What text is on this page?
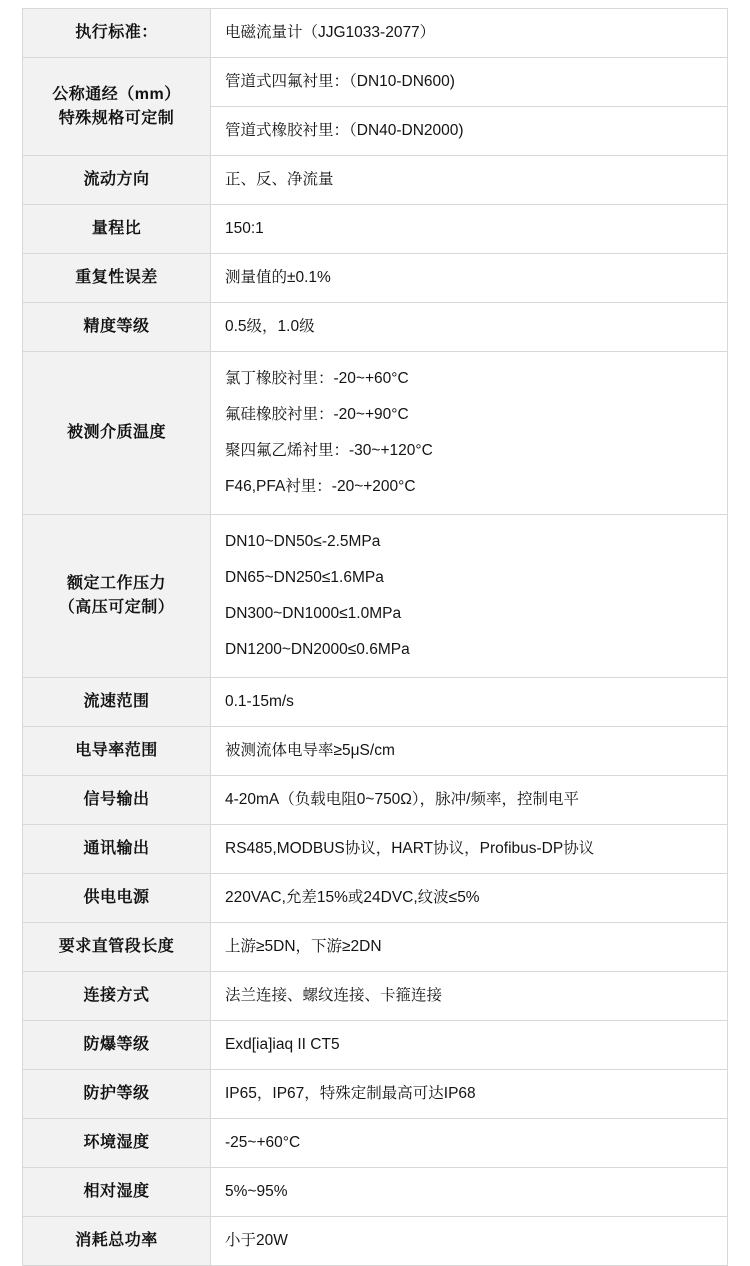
执行标准：	电磁流量计（JJG1033-2077）

公称通经（mm）
特殊规格可定制	管道式四氟衬里：（DN10-DN600)

	管道式橡胶衬里：（DN40-DN2000)

流动方向	正、反、净流量

量程比	150:1

重复性误差	测量值的±0.1%

精度等级	0.5级，1.0级

被测介质温度	氯丁橡胶衬里：-20~+60°C
氟硅橡胶衬里：-20~+90°C
聚四氟乙烯衬里：-30~+120°C
F46,PFA衬里：-20~+200°C

额定工作压力
（高压可定制）	DN10~DN50≤-2.5MPa
DN65~DN250≤1.6MPa
DN300~DN1000≤1.0MPa
DN1200~DN2000≤0.6MPa

流速范围	0.1-15m/s

电导率范围	被测流体电导率≥5μS/cm

信号输出	4-20mA（负载电阻0~750Ω），脉冲/频率，控制电平

通讯输出	RS485,MODBUS协议，HART协议，Profibus-DP协议

供电电源	220VAC,允差15%或24DVC,纹波≤5%

要求直管段长度	上游≥5DN，下游≥2DN

连接方式	法兰连接、螺纹连接、卡箍连接

防爆等级	Exd[ia]iaq II CT5

防护等级	IP65，IP67，特殊定制最高可达IP68

环境湿度	-25~+60°C

相对湿度	5%~95%

消耗总功率	小于20W
